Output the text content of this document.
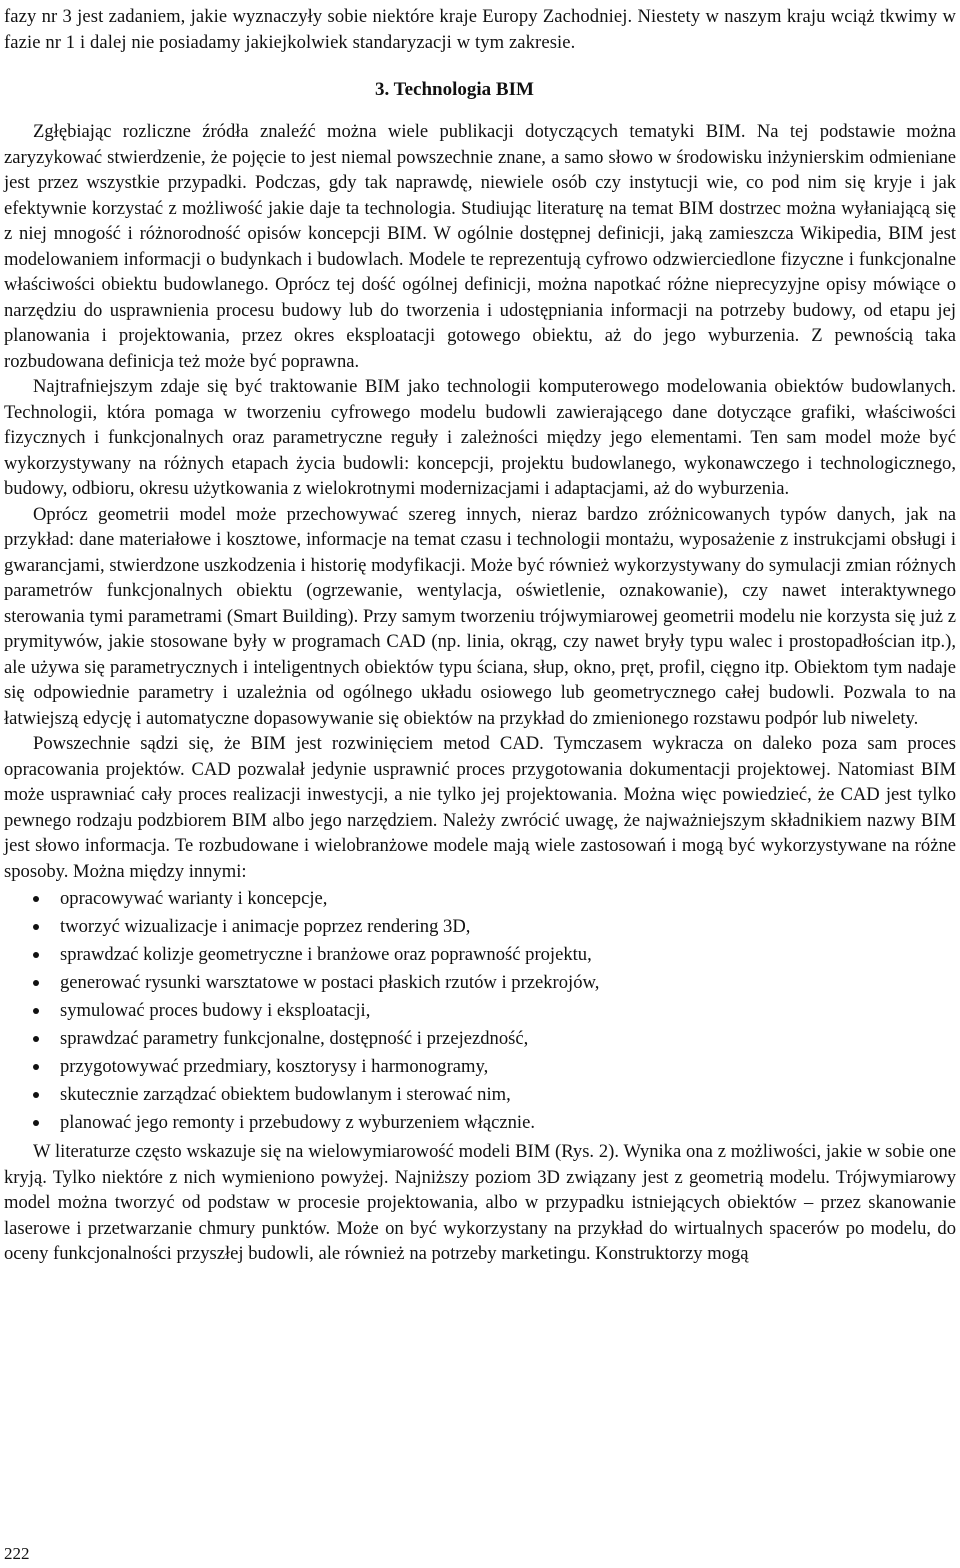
fazy nr 3 jest zadaniem, jakie wyznaczyły sobie niektóre kraje Europy Zachodniej. Niestety w naszym kraju wciąż tkwimy w fazie nr 1 i dalej nie posiadamy jakiejkolwiek standaryzacji w tym zakresie.

3. Technologia BIM

Zgłębiając rozliczne źródła znaleźć można wiele publikacji dotyczących tematyki BIM. Na tej podstawie można zaryzykować stwierdzenie, że pojęcie to jest niemal powszechnie znane, a samo słowo w środowisku inżynierskim odmieniane jest przez wszystkie przypadki. Podczas, gdy tak naprawdę, niewiele osób czy instytucji wie, co pod nim się kryje i jak efektywnie korzystać z możliwość jakie daje ta technologia. Studiując literaturę na temat BIM dostrzec można wyłaniającą się z niej mnogość i różnorodność opisów koncepcji BIM. W ogólnie dostępnej definicji, jaką zamieszcza Wikipedia, BIM jest modelowaniem informacji o budynkach i budowlach. Modele te reprezentują cyfrowo odzwierciedlone fizyczne i funkcjonalne właściwości obiektu budowlanego. Oprócz tej dość ogólnej definicji, można napotkać różne nieprecyzyjne opisy mówiące o narzędziu do usprawnienia procesu budowy lub do tworzenia i udostępniania informacji na potrzeby budowy, od etapu jej planowania i projektowania, przez okres eksploatacji gotowego obiektu, aż do jego wyburzenia. Z pewnością taka rozbudowana definicja też może być poprawna.

Najtrafniejszym zdaje się być traktowanie BIM jako technologii komputerowego modelowania obiektów budowlanych. Technologii, która pomaga w tworzeniu cyfrowego modelu budowli zawierającego dane dotyczące grafiki, właściwości fizycznych i funkcjonalnych oraz parametryczne reguły i zależności między jego elementami. Ten sam model może być wykorzystywany na różnych etapach życia budowli: koncepcji, projektu budowlanego, wykonawczego i technologicznego, budowy, odbioru, okresu użytkowania z wielokrotnymi modernizacjami i adaptacjami, aż do wyburzenia.

Oprócz geometrii model może przechowywać szereg innych, nieraz bardzo zróżnicowanych typów danych, jak na przykład: dane materiałowe i kosztowe, informacje na temat czasu i technologii montażu, wyposażenie z instrukcjami obsługi i gwarancjami, stwierdzone uszkodzenia i historię modyfikacji. Może być również wykorzystywany do symulacji zmian różnych parametrów funkcjonalnych obiektu (ogrzewanie, wentylacja, oświetlenie, oznakowanie), czy nawet interaktywnego sterowania tymi parametrami (Smart Building). Przy samym tworzeniu trójwymiarowej geometrii modelu nie korzysta się już z prymitywów, jakie stosowane były w programach CAD (np. linia, okrąg, czy nawet bryły typu walec i prostopadłościan itp.), ale używa się parametrycznych i inteligentnych obiektów typu ściana, słup, okno, pręt, profil, cięgno itp. Obiektom tym nadaje się odpowiednie parametry i uzależnia od ogólnego układu osiowego lub geometrycznego całej budowli. Pozwala to na łatwiejszą edycję i automatyczne dopasowywanie się obiektów na przykład do zmienionego rozstawu podpór lub niwelety.

Powszechnie sądzi się, że BIM jest rozwinięciem metod CAD. Tymczasem wykracza on daleko poza sam proces opracowania projektów. CAD pozwalał jedynie usprawnić proces przygotowania dokumentacji projektowej. Natomiast BIM może usprawniać cały proces realizacji inwestycji, a nie tylko jej projektowania. Można więc powiedzieć, że CAD jest tylko pewnego rodzaju podzbiorem BIM albo jego narzędziem. Należy zwrócić uwagę, że najważniejszym składnikiem nazwy BIM jest słowo informacja. Te rozbudowane i wielobranżowe modele mają wiele zastosowań i mogą być wykorzystywane na różne sposoby. Można między innymi:

opracowywać warianty i koncepcje,
tworzyć wizualizacje i animacje poprzez rendering 3D,
sprawdzać kolizje geometryczne i branżowe oraz poprawność projektu,
generować rysunki warsztatowe w postaci płaskich rzutów i przekrojów,
symulować proces budowy i eksploatacji,
sprawdzać parametry funkcjonalne, dostępność i przejezdność,
przygotowywać przedmiary, kosztorysy i harmonogramy,
skutecznie zarządzać obiektem budowlanym i sterować nim,
planować jego remonty i przebudowy z wyburzeniem włącznie.

W literaturze często wskazuje się na wielowymiarowość modeli BIM (Rys. 2). Wynika ona z możliwości, jakie w sobie one kryją. Tylko niektóre z nich wymieniono powyżej. Najniższy poziom 3D związany jest z geometrią modelu. Trójwymiarowy model można tworzyć od podstaw w procesie projektowania, albo w przypadku istniejących obiektów – przez skanowanie laserowe i przetwarzanie chmury punktów. Może on być wykorzystany na przykład do wirtualnych spacerów po modelu, do oceny funkcjonalności przyszłej budowli, ale również na potrzeby marketingu. Konstruktorzy mogą

222
